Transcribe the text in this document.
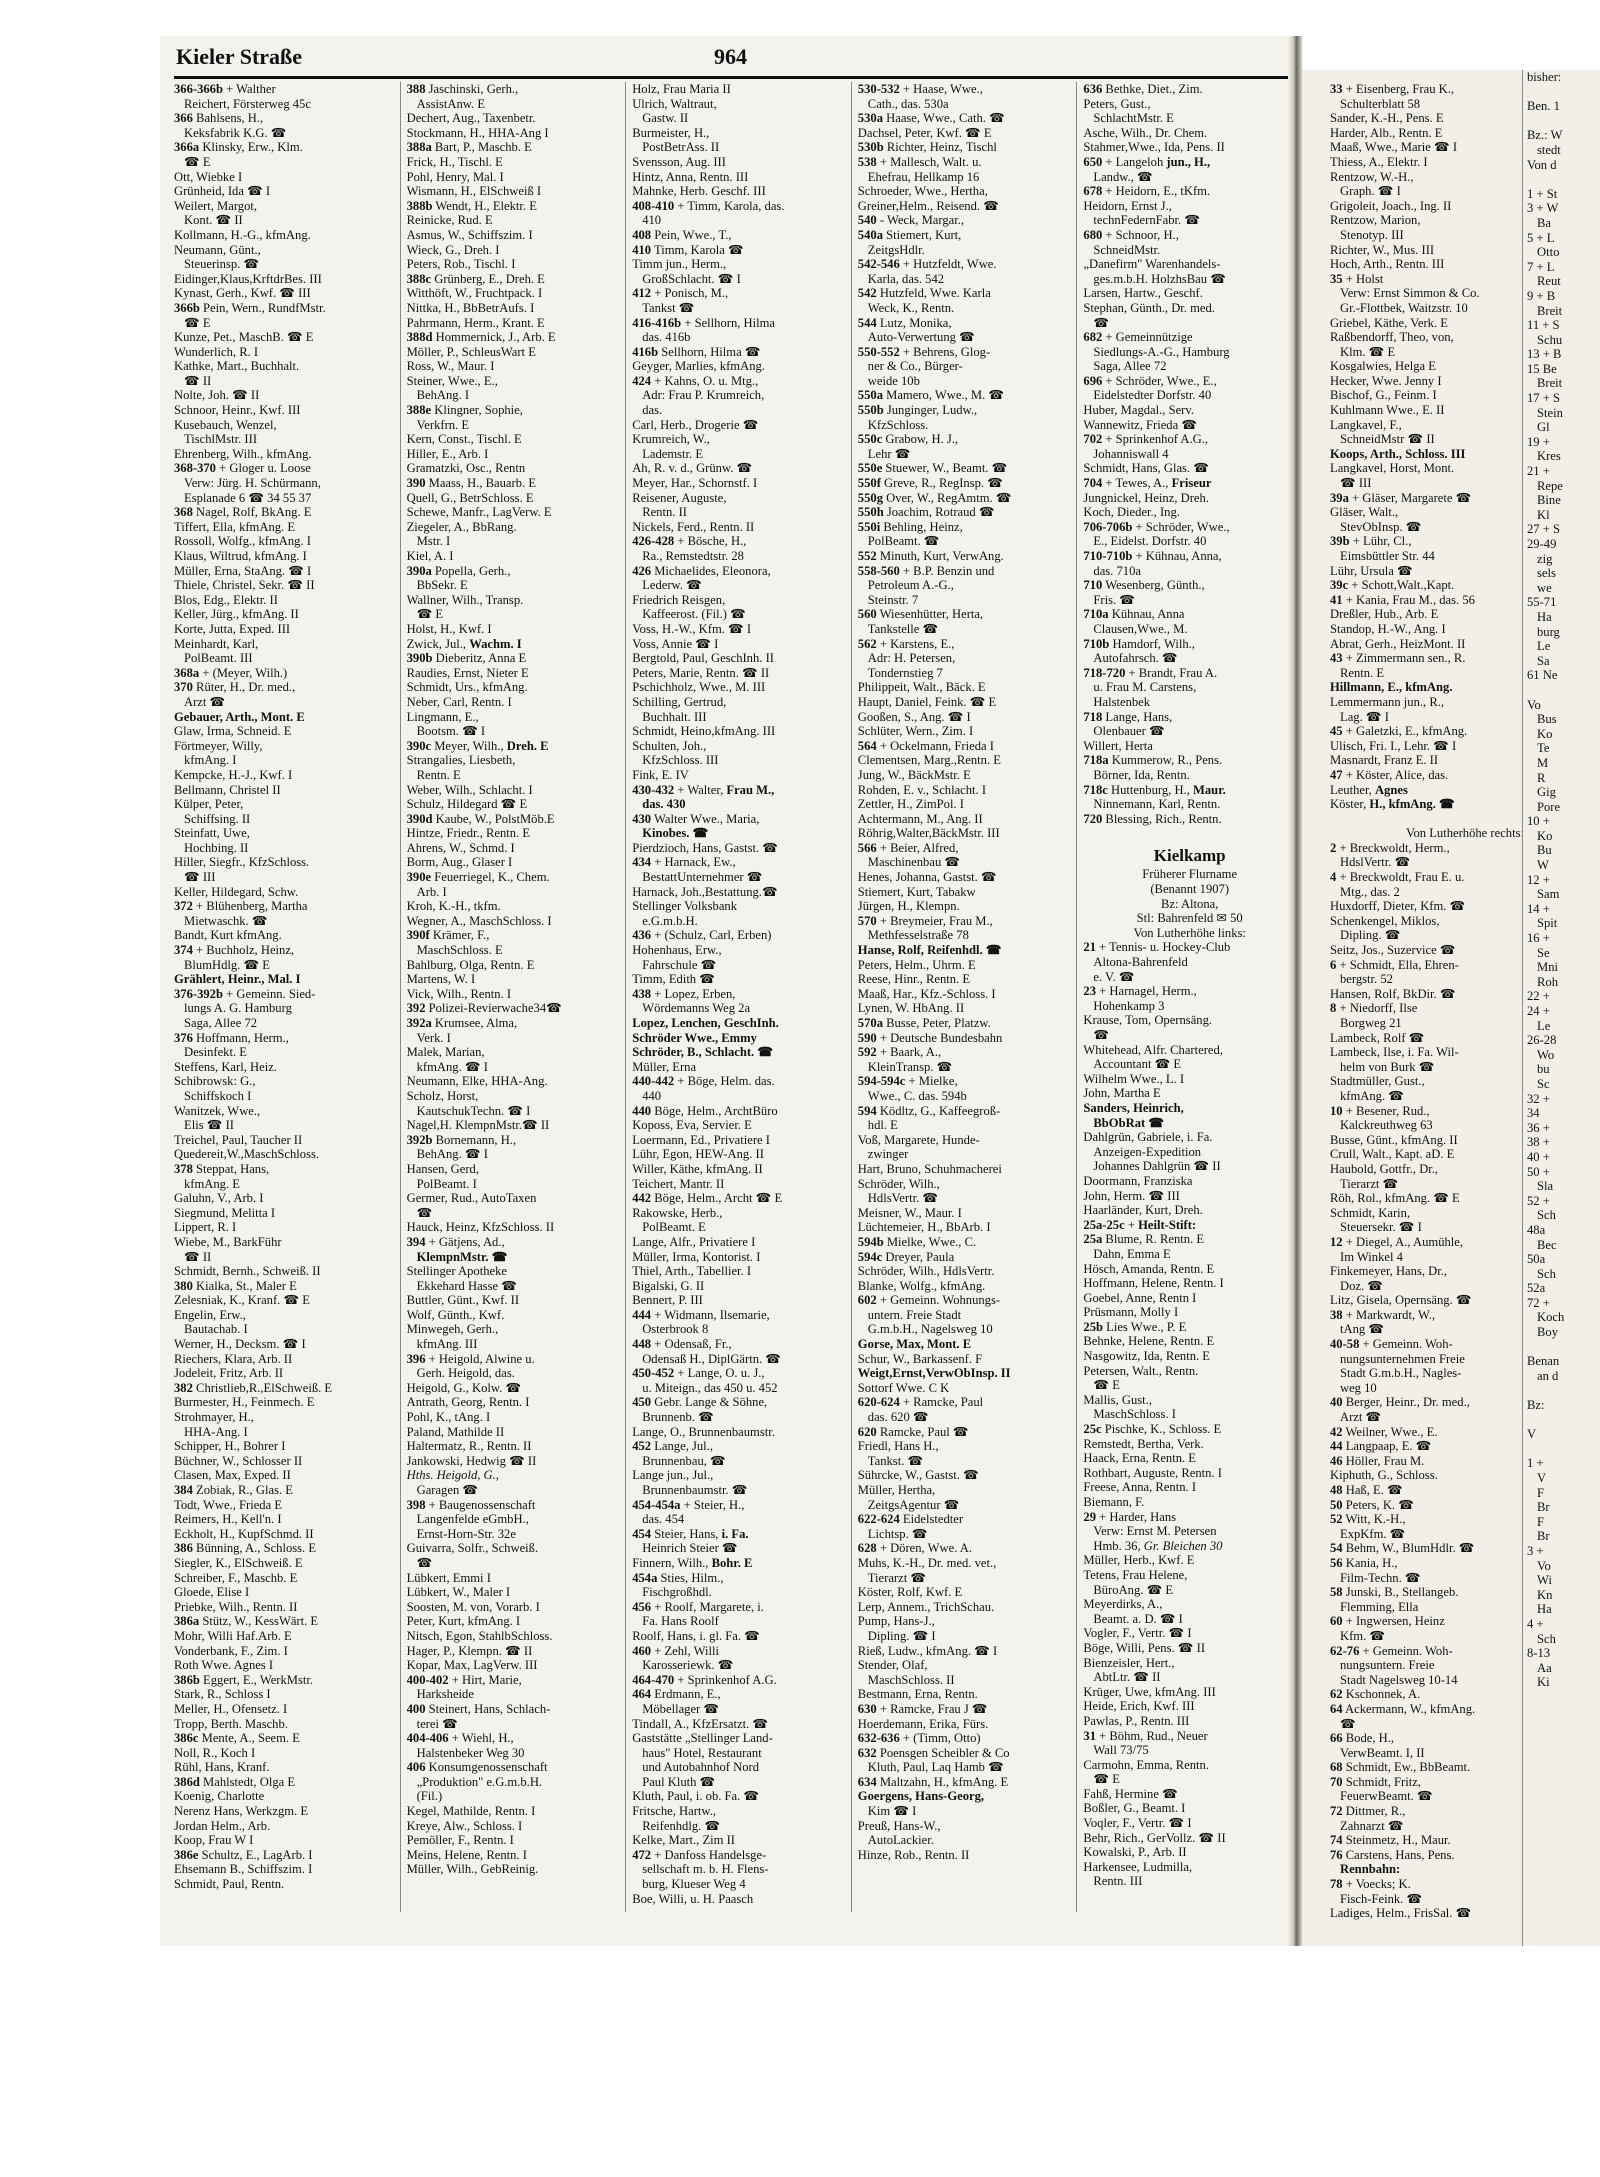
Kieler Straße	964
366-366b + Walther
Reichert, Försterweg 45c
366 Bahlsens, H.,
Keksfabrik K.G. ☎
366a Klinsky, Erw., Klm.
☎ E
Ott, Wiebke I
Grünheid, Ida ☎ I
Weilert, Margot,
Kont. ☎ II
Kollmann, H.-G., kfmAng.
Neumann, Günt.,
Steuerinsp. ☎
Eidinger,Klaus,KrftdrBes. III
Kynast, Gerh., Kwf. ☎ III
366b Pein, Wern., RundfMstr.
☎ E
Kunze, Pet., MaschB. ☎ E
Wunderlich, R. I
Kathke, Mart., Buchhalt.
☎ II
Nolte, Joh. ☎ II
Schnoor, Heinr., Kwf. III
Kusebauch, Wenzel,
TischlMstr. III
Ehrenberg, Wilh., kfmAng.
368-370 + Gloger u. Loose
Verw: Jürg. H. Schürmann,
Esplanade 6 ☎ 34 55 37
368 Nagel, Rolf, BkAng. E
Tiffert, Ella, kfmAng. E
Rossoll, Wolfg., kfmAng. I
Klaus, Wiltrud, kfmAng. I
Müller, Erna, StaAng. ☎ I
Thiele, Christel, Sekr. ☎ II
Blos, Edg., Elektr. II
Keller, Jürg., kfmAng. II
Korte, Jutta, Exped. III
Meinhardt, Karl,
PolBeamt. III
368a + (Meyer, Wilh.)
370 Rüter, H., Dr. med.,
Arzt ☎
Gebauer, Arth., Mont. E
Glaw, Irma, Schneid. E
Förtmeyer, Willy,
kfmAng. I
Kempcke, H.-J., Kwf. I
Bellmann, Christel II
Külper, Peter,
Schiffsing. II
Steinfatt, Uwe,
Hochbing. II
Hiller, Siegfr., KfzSchloss.
☎ III
Keller, Hildegard, Schw.
372 + Blühenberg, Martha
Mietwaschk. ☎
Bandt, Kurt kfmAng.
374 + Buchholz, Heinz,
BlumHdlg. ☎ E
Grählert, Heinr., Mal. I
376-392b + Gemeinn. Sied-
lungs A. G. Hamburg
Saga, Allee 72
376 Hoffmann, Herm.,
Desinfekt. E
Steffens, Karl, Heiz.
Schibrowsk: G.,
Schiffskoch I
Wanitzek, Wwe.,
Elis ☎ II
Treichel, Paul, Taucher II
Quedereit,W.,MaschSchloss.
378 Steppat, Hans,
kfmAng. E
Galuhn, V., Arb. I
Siegmund, Melitta I
Lippert, R. I
Wiebe, M., BarkFühr
☎ II
Schmidt, Bernh., Schweiß. II
380 Kialka, St., Maler E
Zelesniak, K., Kranf. ☎ E
Engelin, Erw.,
Bautachab. I
Werner, H., Decksm. ☎ I
Riechers, Klara, Arb. II
Jodeleit, Fritz, Arb. II
382 Christlieb,R.,ElSchweiß. E
Burmester, H., Feinmech. E
Strohmayer, H.,
HHA-Ang. I
Schipper, H., Bohrer I
Büchner, W., Schlosser II
Clasen, Max, Exped. II
384 Zobiak, R., Glas. E
Todt, Wwe., Frieda E
Reimers, H., Kell'n. I
Eckholt, H., KupfSchmd. II
386 Bünning, A., Schloss. E
Siegler, K., ElSchweiß. E
Schreiber, F., Maschb. E
Gloede, Elise I
Priebke, Wilh., Rentn. II
386a Stütz, W., KessWärt. E
Mohr, Willi Haf.Arb. E
Vonderbank, F., Zim. I
Roth Wwe. Agnes I
386b Eggert, E., WerkMstr.
Stark, R., Schloss I
Meller, H., Ofensetz. I
Tropp, Berth. Maschb.
386c Mente, A., Seem. E
Noll, R., Koch I
Rühl, Hans, Kranf.
386d Mahlstedt, Olga E
Koenig, Charlotte
Nerenz Hans, Werkzgm. E
Jordan Helm., Arb.
Koop, Frau W I
386e Schultz, E., LagArb. I
Ehsemann B., Schiffszim. I
Schmidt, Paul, Rentn.
388 Jaschinski, Gerh.,
AssistAnw. E
Dechert, Aug., Taxenbetr.
Stockmann, H., HHA-Ang I
388a Bart, P., Maschb. E
Frick, H., Tischl. E
Pohl, Henry, Mal. I
Wismann, H., ElSchweiß I
388b Wendt, H., Elektr. E
Reinicke, Rud. E
Asmus, W., Schiffszim. I
Wieck, G., Dreh. I
Peters, Rob., Tischl. I
388c Grünberg, E., Dreh. E
Witthöft, W., Fruchtpack. I
Nittka, H., BbBetrAufs. I
Pahrmann, Herm., Krant. E
388d Hommernick, J., Arb. E
Möller, P., SchleusWart E
Ross, W., Maur. I
Steiner, Wwe., E.,
BehAng. I
388e Klingner, Sophie,
Verkfrn. E
Kern, Const., Tischl. E
Hiller, E., Arb. I
Gramatzki, Osc., Rentn
390 Maass, H., Bauarb. E
Quell, G., BetrSchloss. E
Schewe, Manfr., LagVerw. E
Ziegeler, A., BbRang.
Mstr. I
Kiel, A. I
390a Popella, Gerh.,
BbSekr. E
Wallner, Wilh., Transp.
☎ E
Holst, H., Kwf. I
Zwick, Jul., Wachm. I
390b Dieberitz, Anna E
Raudies, Ernst, Nieter E
Schmidt, Urs., kfmAng.
Neber, Carl, Rentn. I
Lingmann, E.,
Bootsm. ☎ I
390c Meyer, Wilh., Dreh. E
Strangalies, Liesbeth,
Rentn. E
Weber, Wilh., Schlacht. I
Schulz, Hildegard ☎ E
390d Kaube, W., PolstMöb.E
Hintze, Friedr., Rentn. E
Ahrens, W., Schmd. I
Borm, Aug., Glaser I
390e Feuerriegel, K., Chem.
Arb. I
Kroh, K.-H., tkfm.
Wegner, A., MaschSchloss. I
390f Krämer, F.,
MaschSchloss. E
Bahlburg, Olga, Rentn. E
Martens, W. I
Vick, Wilh., Rentn. I
392 Polizei-Revierwache34☎
392a Krumsee, Alma,
Verk. I
Malek, Marian,
kfmAng. ☎ I
Neumann, Elke, HHA-Ang.
Scholz, Horst,
KautschukTechn. ☎ I
Nagel,H. KlempnMstr.☎ II
392b Bornemann, H.,
BehAng. ☎ I
Hansen, Gerd,
PolBeamt. I
Germer, Rud., AutoTaxen
☎
Hauck, Heinz, KfzSchloss. II
394 + Gätjens, Ad.,
KlempnMstr. ☎
Stellinger Apotheke
Ekkehard Hasse ☎
Buttler, Günt., Kwf. II
Wolf, Günth., Kwf.
Minwegeh, Gerh.,
kfmAng. III
396 + Heigold, Alwine u.
Gerh. Heigold, das.
Heigold, G., Kolw. ☎
Antrath, Georg, Rentn. I
Pohl, K., tAng. I
Paland, Mathilde II
Haltermatz, R., Rentn. II
Jankowski, Hedwig ☎ II
Hths. Heigold, G.,
Garagen ☎
398 + Baugenossenschaft
Langenfelde eGmbH.,
Ernst-Horn-Str. 32e
Guivarra, Solfr., Schweiß.
☎
Lübkert, Emmi I
Lübkert, W., Maler I
Soosten, M. von, Vorarb. I
Peter, Kurt, kfmAng. I
Nitsch, Egon, StahlbSchloss.
Hager, P., Klempn. ☎ II
Kopar, Max, LagVerw. III
400-402 + Hirt, Marie,
Harksheide
400 Steinert, Hans, Schlach-
terei ☎
404-406 + Wiehl, H.,
Halstenbeker Weg 30
406 Konsumgenossenschaft
„Produktion" e.G.m.b.H.
(Fil.)
Kegel, Mathilde, Rentn. I
Kreye, Alw., Schloss. I
Pemöller, F., Rentn. I
Meins, Helene, Rentn. I
Müller, Wilh., GebReinig.
Holz, Frau Maria II
Ulrich, Waltraut,
Gastw. II
Burmeister, H.,
PostBetrAss. II
Svensson, Aug. III
Hintz, Anna, Rentn. III
Mahnke, Herb. Geschf. III
408-410 + Timm, Karola, das.
410
408 Pein, Wwe., T.,
410 Timm, Karola ☎
Timm jun., Herm.,
GroßSchlacht. ☎ I
412 + Ponisch, M.,
Tankst ☎
416-416b + Sellhorn, Hilma
das. 416b
416b Sellhorn, Hilma ☎
Geyger, Marlies, kfmAng.
424 + Kahns, O. u. Mtg.,
Adr: Frau P. Krumreich,
das.
Carl, Herb., Drogerie ☎
Krumreich, W.,
Lademstr. E
Ah, R. v. d., Grünw. ☎
Meyer, Har., Schornstf. I
Reisener, Auguste,
Rentn. II
Nickels, Ferd., Rentn. II
426-428 + Bösche, H.,
Ra., Remstedtstr. 28
426 Michaelides, Eleonora,
Lederw. ☎
Friedrich Reisgen,
Kaffeerost. (Fil.) ☎
Voss, H.-W., Kfm. ☎ I
Voss, Annie ☎ I
Bergtold, Paul, GeschInh. II
Peters, Marie, Rentn. ☎ II
Pschichholz, Wwe., M. III
Schilling, Gertrud,
Buchhalt. III
Schmidt, Heino,kfmAng. III
Schulten, Joh.,
KfzSchloss. III
Fink, E. IV
430-432 + Walter, Frau M.,
das. 430
430 Walter Wwe., Maria,
Kinobes. ☎
Pierdzioch, Hans, Gastst. ☎
434 + Harnack, Ew.,
BestattUnternehmer ☎
Harnack, Joh.,Bestattung.☎
Stellinger Volksbank
e.G.m.b.H.
436 + (Schulz, Carl, Erben)
Hohenhaus, Erw.,
Fahrschule ☎
Timm, Edith ☎
438 + Lopez, Erben,
Wördemanns Weg 2a
Lopez, Lenchen, GeschInh.
Schröder Wwe., Emmy
Schröder, B., Schlacht. ☎
Müller, Erna
440-442 + Böge, Helm. das.
440
440 Böge, Helm., ArchtBüro
Koposs, Eva, Servier. E
Loermann, Ed., Privatiere I
Lühr, Egon, HEW-Ang. II
Willer, Käthe, kfmAng. II
Teichert, Mantr. II
442 Böge, Helm., Archt ☎ E
Rakowske, Herb.,
PolBeamt. E
Lange, Alfr., Privatiere I
Müller, Irma, Kontorist. I
Thiel, Arth., Tabellier. I
Bigalski, G. II
Bennert, P. III
444 + Widmann, Ilsemarie,
Osterbrook 8
448 + Odensaß, Fr.,
Odensaß H., DiplGärtn. ☎
450-452 + Lange, O. u. J.,
u. Miteign., das 450 u. 452
450 Gebr. Lange & Söhne,
Brunnenb. ☎
Lange, O., Brunnenbaumstr.
452 Lange, Jul.,
Brunnenbau, ☎
Lange jun., Jul.,
Brunnenbaumstr. ☎
454-454a + Steier, H.,
das. 454
454 Steier, Hans, i. Fa.
Heinrich Steier ☎
Finnern, Wilh., Bohr. E
454a Sties, Hilm.,
Fischgroßhdl.
456 + Roolf, Margarete, i.
Fa. Hans Roolf
Roolf, Hans, i. gl. Fa. ☎
460 + Zehl, Willi
Karosseriewk. ☎
464-470 + Sprinkenhof A.G.
464 Erdmann, E.,
Möbellager ☎
Tindall, A., KfzErsatzt. ☎
Gaststätte „Stellinger Land-
haus" Hotel, Restaurant
und Autobahnhof Nord
Paul Kluth ☎
Kluth, Paul, i. ob. Fa. ☎
Fritsche, Hartw.,
Reifenhdlg. ☎
Kelke, Mart., Zim II
472 + Danfoss Handelsge-
sellschaft m. b. H. Flens-
burg, Klueser Weg 4
Boe, Willi, u. H. Paasch
530-532 + Haase, Wwe.,
Cath., das. 530a
530a Haase, Wwe., Cath. ☎
Dachsel, Peter, Kwf. ☎ E
530b Richter, Heinz, Tischl
538 + Mallesch, Walt. u.
Ehefrau, Hellkamp 16
Schroeder, Wwe., Hertha,
Greiner,Helm., Reisend. ☎
540 - Weck, Margar.,
540a Stiemert, Kurt,
ZeitgsHdlr.
542-546 + Hutzfeldt, Wwe.
Karla, das. 542
542 Hutzfeld, Wwe. Karla
Weck, K., Rentn.
544 Lutz, Monika,
Auto-Verwertung ☎
550-552 + Behrens, Glog-
ner & Co., Bürger-
weide 10b
550a Mamero, Wwe., M. ☎
550b Junginger, Ludw.,
KfzSchloss.
550c Grabow, H. J.,
Lehr ☎
550e Stuewer, W., Beamt. ☎
550f Greve, R., RegInsp. ☎
550g Over, W., RegAmtm. ☎
550h Joachim, Rotraud ☎
550i Behling, Heinz,
PolBeamt. ☎
552 Minuth, Kurt, VerwAng.
558-560 + B.P. Benzin und
Petroleum A.-G.,
Steinstr. 7
560 Wiesenhütter, Herta,
Tankstelle ☎
562 + Karstens, E.,
Adr: H. Petersen,
Tondernstieg 7
Philippeit, Walt., Bäck. E
Haupt, Daniel, Feink. ☎ E
Gooßen, S., Ang. ☎ I
Schlüter, Wern., Zim. I
564 + Ockelmann, Frieda I
Clementsen, Marg.,Rentn. E
Jung, W., BäckMstr. E
Rohden, E. v., Schlacht. I
Zettler, H., ZimPol. I
Achtermann, M., Ang. II
Röhrig,Walter,BäckMstr. III
566 + Beier, Alfred,
Maschinenbau ☎
Henes, Johanna, Gastst. ☎
Stiemert, Kurt, Tabakw
Jürgen, H., Klempn.
570 + Breymeier, Frau M.,
Methfesselstraße 78
Hanse, Rolf, Reifenhdl. ☎
Peters, Helm., Uhrm. E
Reese, Hinr., Rentn. E
Maaß, Har., Kfz.-Schloss. I
Lynen, W. HbAng. II
570a Busse, Peter, Platzw.
590 + Deutsche Bundesbahn
592 + Baark, A.,
KleinTransp. ☎
594-594c + Mielke,
Wwe., C. das. 594b
594 Ködltz, G., Kaffeegroß-
hdl. E
Voß, Margarete, Hunde-
zwinger
Hart, Bruno, Schuhmacherei
Schröder, Wilh.,
HdlsVertr. ☎
Meisner, W., Maur. I
Lüchtemeier, H., BbArb. I
594b Mielke, Wwe., C.
594c Dreyer, Paula
Schröder, Wilh., HdlsVertr.
Blanke, Wolfg., kfmAng.
602 + Gemeinn. Wohnungs-
untern. Freie Stadt
G.m.b.H., Nagelsweg 10
Gorse, Max, Mont. E
Schur, W., Barkassenf. F
Weigt,Ernst,VerwObInsp. II
Sottorf Wwe. C K
620-624 + Ramcke, Paul
das. 620 ☎
620 Ramcke, Paul ☎
Friedl, Hans H.,
Tankst. ☎
Sührcke, W., Gastst. ☎
Müller, Hertha,
ZeitgsAgentur ☎
622-624 Eidelstedter
Lichtsp. ☎
628 + Dören, Wwe. A.
Muhs, K.-H., Dr. med. vet.,
Tierarzt ☎
Köster, Rolf, Kwf. E
Lerp, Annem., TrichSchau.
Pump, Hans-J.,
Dipling. ☎ I
Rieß, Ludw., kfmAng. ☎ I
Stender, Olaf,
MaschSchloss. II
Bestmann, Erna, Rentn.
630 + Ramcke, Frau J ☎
Hoerdemann, Erika, Fürs.
632-636 + (Timm, Otto)
632 Poensgen Scheibler & Co
Kluth, Paul, Laq Hamb ☎
634 Maltzahn, H., kfmAng. E
Goergens, Hans-Georg,
Kim ☎ I
Preuß, Hans-W.,
AutoLackier.
Hinze, Rob., Rentn. II
636 Bethke, Diet., Zim.
Peters, Gust.,
SchlachtMstr. E
Asche, Wilh., Dr. Chem.
Stahmer,Wwe., Ida, Pens. II
650 + Langeloh jun., H.,
Landw., ☎
678 + Heidorn, E., tKfm.
Heidorn, Ernst J.,
technFedernFabr. ☎
680 + Schnoor, H.,
SchneidMstr.
„Danefirm" Warenhandels-
ges.m.b.H. HolzhsBau ☎
Larsen, Hartw., Geschf.
Stephan, Günth., Dr. med.
☎
682 + Gemeinnützige
Siedlungs-A.-G., Hamburg
Saga, Allee 72
696 + Schröder, Wwe., E.,
Eidelstedter Dorfstr. 40
Huber, Magdal., Serv.
Wannewitz, Frieda ☎
702 + Sprinkenhof A.G.,
Johanniswall 4
Schmidt, Hans, Glas. ☎
704 + Tewes, A., Friseur
Jungnickel, Heinz, Dreh.
Koch, Dieder., Ing.
706-706b + Schröder, Wwe.,
E., Eidelst. Dorfstr. 40
710-710b + Kühnau, Anna,
das. 710a
710 Wesenberg, Günth.,
Fris. ☎
710a Kühnau, Anna
Clausen,Wwe., M.
710b Hamdorf, Wilh.,
Autofahrsch. ☎
718-720 + Brandt, Frau A.
u. Frau M. Carstens,
Halstenbek
718 Lange, Hans,
Olenbauer ☎
Willert, Herta
718a Kummerow, R., Pens.
Börner, Ida, Rentn.
718c Huttenburg, H., Maur.
Ninnemann, Karl, Rentn.
720 Blessing, Rich., Rentn.
Kielkamp
Früherer Flurname
(Benannt 1907)
Bz: Altona,
Stl: Bahrenfeld ✉ 50
Von Lutherhöhe links:
21 + Tennis- u. Hockey-Club
Altona-Bahrenfeld
e. V. ☎
23 + Harnagel, Herm.,
Hohenkamp 3
Krause, Tom, Opernsäng.
☎
Whitehead, Alfr. Chartered,
Accountant ☎ E
Wilhelm Wwe., L. I
John, Martha E
Sanders, Heinrich,
BbObRat ☎
Dahlgrün, Gabriele, i. Fa.
Anzeigen-Expedition
Johannes Dahlgrün ☎ II
Doormann, Franziska
John, Herm. ☎ III
Haarländer, Kurt, Dreh.
25a-25c + Heilt-Stift:
25a Blume, R. Rentn. E
Dahn, Emma E
Hösch, Amanda, Rentn. E
Hoffmann, Helene, Rentn. I
Goebel, Anne, Rentn I
Prüsmann, Molly I
25b Lies Wwe., P. E
Behnke, Helene, Rentn. E
Nasgowitz, Ida, Rentn. E
Petersen, Walt., Rentn.
☎ E
Mallis, Gust.,
MaschSchloss. I
25c Pischke, K., Schloss. E
Remstedt, Bertha, Verk.
Haack, Erna, Rentn. E
Rothbart, Auguste, Rentn. I
Freese, Anna, Rentn. I
Biemann, F.
29 + Harder, Hans
Verw: Ernst M. Petersen
Hmb. 36, Gr. Bleichen 30
Müller, Herb., Kwf. E
Tetens, Frau Helene,
BüroAng. ☎ E
Meyerdirks, A.,
Beamt. a. D. ☎ I
Vogler, F., Vertr. ☎ I
Böge, Willi, Pens. ☎ II
Bienzeisler, Hert.,
AbtLtr. ☎ II
Krüger, Uwe, kfmAng. III
Heide, Erich, Kwf. III
Pawlas, P., Rentn. III
31 + Böhm, Rud., Neuer
Wall 73/75
Carmohn, Emma, Rentn.
☎ E
Fahß, Hermine ☎
Boßler, G., Beamt. I
Voqler, F., Vertr. ☎ I
Behr, Rich., GerVollz. ☎ II
Kowalski, P., Arb. II
Harkensee, Ludmilla,
Rentn. III
33 + Eisenberg, Frau K.,
Schulterblatt 58
Sander, K.-H., Pens. E
Harder, Alb., Rentn. E
Maaß, Wwe., Marie ☎ I
Thiess, A., Elektr. I
Rentzow, W.-H.,
Graph. ☎ I
Grigoleit, Joach., Ing. II
Rentzow, Marion,
Stenotyp. III
Richter, W., Mus. III
Hoch, Arth., Rentn. III
35 + Holst
Verw: Ernst Simmon & Co.
Gr.-Flottbek, Waitzstr. 10
Griebel, Käthe, Verk. E
Raßbendorff, Theo, von,
Klm. ☎ E
Kosgalwies, Helga E
Hecker, Wwe. Jenny I
Bischof, G., Feinm. I
Kuhlmann Wwe., E. II
Langkavel, F.,
SchneidMstr ☎ II
Koops, Arth., Schloss. III
Langkavel, Horst, Mont.
☎ III
39a + Gläser, Margarete ☎
Gläser, Walt.,
StevObInsp. ☎
39b + Lühr, Cl.,
Eimsbüttler Str. 44
Lühr, Ursula ☎
39c + Schott,Walt.,Kapt.
41 + Kania, Frau M., das. 56
Dreßler, Hub., Arb. E
Standop, H.-W., Ang. I
Abrat, Gerh., HeizMont. II
43 + Zimmermann sen., R.
Rentn. E
Hillmann, E., kfmAng.
Lemmermann jun., R.,
Lag. ☎ I
45 + Galetzki, E., kfmAng.
Ulisch, Fri. I., Lehr. ☎ I
Masnardt, Franz E. II
47 + Köster, Alice, das.
Leuther, Agnes
Köster, H., kfmAng. ☎
Von Lutherhöhe rechts:
2 + Breckwoldt, Herm.,
HdslVertr. ☎
4 + Breckwoldt, Frau E. u.
Mtg., das. 2
Huxdorff, Dieter, Kfm. ☎
Schenkengel, Miklos,
Dipling. ☎
Seitz, Jos., Suzervice ☎
6 + Schmidt, Ella, Ehren-
bergstr. 52
Hansen, Rolf, BkDir. ☎
8 + Niedorff, Ilse
Borgweg 21
Lambeck, Rolf ☎
Lambeck, Ilse, i. Fa. Wil-
helm von Burk ☎
Stadtmüller, Gust.,
kfmAng. ☎
10 + Besener, Rud.,
Kalckreuthweg 63
Busse, Günt., kfmAng. II
Crull, Walt., Kapt. aD. E
Haubold, Gottfr., Dr.,
Tierarzt ☎
Röh, Rol., kfmAng. ☎ E
Schmidt, Karin,
Steuersekr. ☎ I
12 + Diegel, A., Aumühle,
Im Winkel 4
Finkemeyer, Hans, Dr.,
Doz. ☎
Litz, Gisela, Opernsäng. ☎
38 + Markwardt, W.,
tAng ☎
40-58 + Gemeinn. Woh-
nungsunternehmen Freie
Stadt G.m.b.H., Nagles-
weg 10
40 Berger, Heinr., Dr. med.,
Arzt ☎
42 Weilner, Wwe., E.
44 Langpaap, E. ☎
46 Höller, Frau M.
Kiphuth, G., Schloss.
48 Haß, E. ☎
50 Peters, K. ☎
52 Witt, K.-H.,
ExpKfm. ☎
54 Behm, W., BlumHdlr. ☎
56 Kania, H.,
Film-Techn. ☎
58 Junski, B., Stellangeb.
Flemming, Ella
60 + Ingwersen, Heinz
Kfm. ☎
62-76 + Gemeinn. Woh-
nungsuntern. Freie
Stadt Nagelsweg 10-14
62 Kschonnek, A.
64 Ackermann, W., kfmAng.
☎
66 Bode, H.,
VerwBeamt. I, II
68 Schmidt, Ew., BbBeamt.
70 Schmidt, Fritz,
FeuerwBeamt. ☎
72 Dittmer, R.,
Zahnarzt ☎
74 Steinmetz, H., Maur.
76 Carstens, Hans, Pens.
Rennbahn:
78 + Voecks; K.
Fisch-Feink. ☎
Ladiges, Helm., FrisSal. ☎
bisher:
Ben. 1
Bz.: W
stedt
Von d
1 + St
3 + W
Ba
5 + L
Otto
7 + L
Reut
9 + B
Breit
11 + S
Schu
13 + B
15 Be
Breit
17 + S
Stein
Gl
19 +
Kres
21 +
Repe
Bine
Kl
27 + S
29-49
zig
sels
we
55-71
Ha
burg
Le
Sa
61 Ne
Vo
Bus
Ko
Te
M
R
Gig
Pore
10 +
Ko
Bu
W
12 +
Sam
14 +
Spit
16 +
Se
Mni
Roh
22 +
24 +
Le
26-28
Wo
bu
Sc
32 +
34
36 +
38 +
40 +
50 +
Sla
52 +
Sch
48a
Bec
50a
Sch
52a
72 +
Koch
Boy
Benan
an d
Bz:
V
1 +
V
F
Br
F
Br
3 +
Vo
Wi
Kn
Ha
4 +
Sch
8-13
Aa
Ki
